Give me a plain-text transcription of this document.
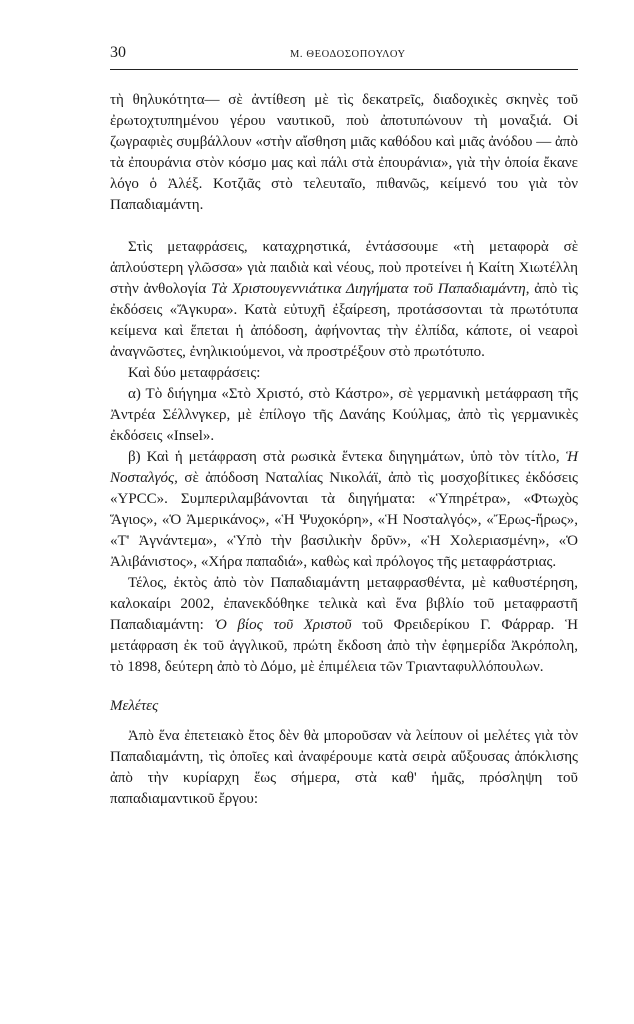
30	Μ. ΘΕΟΔΟΣΟΠΟΥΛΟΥ

τὴ θηλυκότητα— σὲ ἀντίθεση μὲ τὶς δεκατρεῖς, διαδοχικὲς σκηνὲς τοῦ ἐρωτοχτυπημένου γέρου ναυτικοῦ, ποὺ ἀποτυπώνουν τὴ μοναξιά. Οἱ ζωγραφιὲς συμβάλλουν «στὴν αἴσθηση μιᾶς καθόδου καὶ μιᾶς ἀνόδου — ἀπὸ τὰ ἐπουράνια στὸν κόσμο μας καὶ πάλι στὰ ἐπουράνια», γιὰ τὴν ὁποία ἔκανε λόγο ὁ Ἀλέξ. Κοτζιᾶς στὸ τελευταῖο, πιθανῶς, κείμενό του γιὰ τὸν Παπαδιαμάντη.

Στὶς μεταφράσεις, καταχρηστικά, ἐντάσσουμε «τὴ μεταφορὰ σὲ ἁπλούστερη γλῶσσα» γιὰ παιδιὰ καὶ νέους, ποὺ προτείνει ἡ Καίτη Χιωτέλλη στὴν ἀνθολογία Τὰ Χριστουγεννιάτικα Διηγήματα τοῦ Παπαδιαμάντη, ἀπὸ τὶς ἐκδόσεις «Ἄγκυρα». Κατὰ εὐτυχῆ ἐξαίρεση, προτάσσονται τὰ πρωτότυπα κείμενα καὶ ἕπεται ἡ ἀπόδοση, ἀφήνοντας τὴν ἐλπίδα, κάποτε, οἱ νεαροὶ ἀναγνῶστες, ἐνηλικιούμενοι, νὰ προστρέξουν στὸ πρωτότυπο.

Καὶ δύο μεταφράσεις:

α) Τὸ διήγημα «Στὸ Χριστό, στὸ Κάστρο», σὲ γερμανικὴ μετάφραση τῆς Ἀντρέα Σέλλνγκερ, μὲ ἐπίλογο τῆς Δανάης Κούλμας, ἀπὸ τὶς γερμανικὲς ἐκδόσεις «Insel».

β) Καὶ ἡ μετάφραση στὰ ρωσικὰ ἕντεκα διηγημάτων, ὑπὸ τὸν τίτλο, Ἡ Νοσταλγός, σὲ ἀπόδοση Ναταλίας Νικολάϊ, ἀπὸ τὶς μοσχοβίτικες ἐκδόσεις «YPCC». Συμπεριλαμβάνονται τὰ διηγήματα: «Ὑπηρέτρα», «Φτωχὸς Ἅγιος», «Ὁ Ἀμερικάνος», «Ἡ Ψυχοκόρη», «Ἡ Νοσταλγός», «Ἔρως-ἥρως», «Τ' Ἀγνάντεμα», «Ὑπὸ τὴν βασιλικὴν δρῦν», «Ἡ Χολεριασμένη», «Ὁ Ἀλιβάνιστος», «Χήρα παπαδιά», καθὼς καὶ πρόλογος τῆς μεταφράστριας.

Τέλος, ἐκτὸς ἀπὸ τὸν Παπαδιαμάντη μεταφρασθέντα, μὲ καθυστέρηση, καλοκαίρι 2002, ἐπανεκδόθηκε τελικὰ καὶ ἕνα βιβλίο τοῦ μεταφραστῆ Παπαδιαμάντη: Ὁ βίος τοῦ Χριστοῦ τοῦ Φρειδερίκου Γ. Φάρραρ. Ἡ μετάφραση ἐκ τοῦ ἀγγλικοῦ, πρώτη ἔκδοση ἀπὸ τὴν ἐφημερίδα Ἀκρόπολη, τὸ 1898, δεύτερη ἀπὸ τὸ Δόμο, μὲ ἐπιμέλεια τῶν Τριανταφυλλόπουλων.

Μελέτες

Ἀπὸ ἕνα ἐπετειακὸ ἔτος δὲν θὰ μποροῦσαν νὰ λείπουν οἱ μελέτες γιὰ τὸν Παπαδιαμάντη, τὶς ὁποῖες καὶ ἀναφέρουμε κατὰ σειρὰ αὔξουσας ἀπόκλισης ἀπὸ τὴν κυρίαρχη ἕως σήμερα, στὰ καθ' ἡμᾶς, πρόσληψη τοῦ παπαδιαμαντικοῦ ἔργου:
